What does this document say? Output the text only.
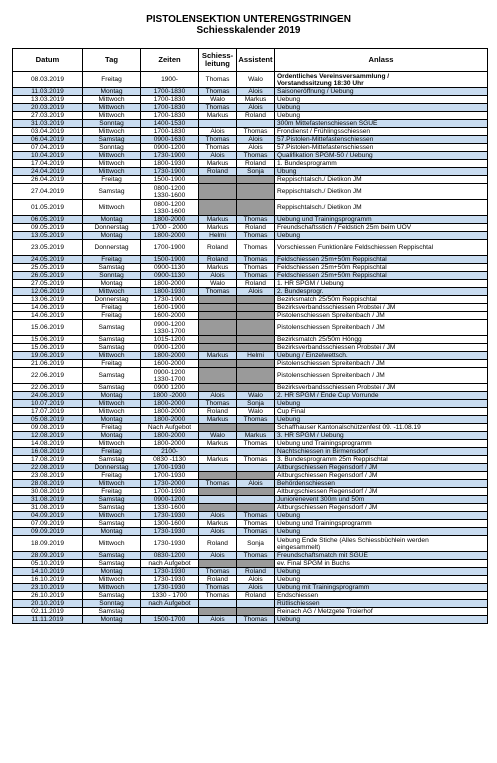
PISTOLENSEKTION UNTERENGSTRINGEN
Schiesskalender 2019
Datum	Tag	Zeiten	Schiess-
leitung	Assistent	Anlass
08.03.2019	Freitag	1900-	Thomas	Walo	Ordentliches Vereinsversammlung /
Vorstandssitzung 18:30 Uhr
11.03.2019	Montag	1700-1830	Thomas	Alois	Saisoneröffnung / Uebung
13.03.2019	Mittwoch	1700-1830	Walo	Markus	Uebung
20.03.2019	Mittwoch	1700-1830	Thomas	Alois	Uebung
27.03.2019	Mittwoch	1700-1830	Markus	Roland	Uebung
31.03.2019	Sonntag	1400-1530			300m Mittefastenschiessen SGUE
03.04.2019	Mittwoch	1700-1830	Alois	Thomas	Frondienst / Frühlingsschiessen
06.04.2019	Samstag	0900-1630	Thomas	Alois	57.Pistolen-Mittefastenschiessen
07.04.2019	Sonntag	0900-1200	Thomas	Alois	57.Pistolen-Mittefastenschiessen
10.04.2019	Mittwoch	1730-1900	Alois	Thomas	Qualifikation SPGM-50 / Uebung
17.04.2019	Mittwoch	1800-1930	Markus	Roland	1. Bundesprogramm
24.04.2019	Mittwoch	1730-1900	Roland	Sonja	Übung
26.04.2019	Freitag	1500-1900			Reppischtalsch./ Dietikon JM
27.04.2019	Samstag	0800-1200
1330-1600			Reppischtalsch./ Dietikon JM
01.05.2019	Mittwoch	0800-1200
1330-1600			Reppischtalsch./ Dietikon JM
06.05.2019	Montag	1800-2000	Markus	Thomas	Uebung und Trainingsprogramm
09.05.2019	Donnerstag	1700 - 2000	Markus	Roland	Freundschaftsstich / Feldstich 25m beim UOV
13.05.2019	Montag	1800-2000	Helmi	Thomas	Uebung
23.05.2019	Donnerstag	1700-1900	Roland	Thomas	Vorschiessen Funktionäre Feldschiessen Reppischtal
24.05.2019	Freitag	1500-1900	Roland	Thomas	Feldschiessen 25m+50m Reppischtal
25.05.2019	Samstag	0900-1130	Markus	Thomas	Feldschiessen 25m+50m Reppischtal
26.05.2019	Sonntag	0900-1130	Alois	Thomas	Feldschiessen 25m+50m Reppischtal
27.05.2019	Montag	1800-2000	Walo	Roland	1. HR SPGM / Uebung
12.06.2019	Mittwoch	1800-1930	Thomas	Alois	2. Bundesprogr.
13.06.2019	Donnerstag	1730-1900			Bezirksmatch 25/50m Reppischtal
14.06.2019	Freitag	1600-1900			Bezirksverbandsschiessen Probstei / JM
14.06.2019	Freitag	1600-2000			Pistolenschiessen Spreitenbach / JM
15.06.2019	Samstag	0900-1200
1330-1700			Pistolenschiessen Spreitenbach / JM
15.06.2019	Samstag	1015-1200			Bezirksmatch 25/50m Höngg
15.06.2019	Samstag	0900-1200			Bezirksverbandsschiessen Probstei / JM
19.06.2019	Mittwoch	1800-2000	Markus	Helmi	Uebung / Einzelwettsch.
21.06.2019	Freitag	1600-2000			Pistolenschiessen Spreitenbach / JM
22.06.2019	Samstag	0900-1200
1330-1700			Pistolenschiessen Spreitenbach / JM
22.06.2019	Samstag	0900 1200			Bezirksverbandsschiessen Probstei / JM
24.06.2019	Montag	1800 -2000	Alois	Walo	2. HR SPGM / Ende Cup Vorrunde
10.07.2019	Mittwoch	1800-2000	Thomas	Sonja	Uebung
17.07.2019	Mittwoch	1800-2000	Roland	Walo	Cup Final
05.08.2019	Montag	1800-2000	Markus	Thomas	Uebung
09.08.2019	Freitag	Nach Aufgebot			Schaffhauser Kantonalschützenfest 09. -11.08.19
12.08.2019	Montag	1800-2000	Walo	Markus	3. HR SPGM / Uebung
14.08.2019	Mittwoch	1800-2000	Markus	Thomas	Uebung und Trainingsprogramm
16.08.2019	Freitag	2100-			Nachtschiessen in Birmensdorf
17.08.2019	Samstag	0830 -1130	Markus	Thomas	3. Bundesprogramm 25m Reppischtal
22.08.2019	Donnerstag	1700-1930			Altburgschiessen Regensdorf / JM
23.08.2019	Freitag	1700-1930			Altburgschiessen Regensdorf / JM
28.08.2019	Mittwoch	1730-2000	Thomas	Alois	Behördenschiessen
30.08.2019	Freitag	1700-1930			Altburgschiessen Regensdorf / JM
31.08.2019	Samstag	0900-1200			Juniorenevent 300m und 50m
31.08.2019	Samstag	1330-1600			Altburgschiessen Regensdorf / JM
04.09.2019	Mittwoch	1730-1930	Alois	Thomas	Uebung
07.09.2019	Samstag	1300-1600	Markus	Thomas	Uebung und Trainingsprogramm
09.09.2019	Montag	1730-1930	Alois	Thomas	Uebung
18.09.2019	Mittwoch	1730-1930	Roland	Sonja	Uebung Ende Stiche (Alles Schiessbüchlein werden
eingesammelt)
28.09.2019	Samstag	0830-1200	Alois	Thomas	Freundschaftsmatch mit SGUE
05.10.2019	Samstag	nach Aufgebot			ev. Final SPGM in Buchs
14.10.2019	Montag	1730-1930	Thomas	Roland	Uebung
16.10.2019	Mittwoch	1730-1930	Roland	Alois	Uebung
23.10.2019	Mittwoch	1730-1930	Thomas	Alois	Uebung mit Trainingsprogramm
26.10.2019	Samstag	1330 - 1700	Thomas	Roland	Endschiessen
20.10.2019	Sonntag	nach Aufgebot			Rütlischiessen
02.11.2019	Samstag				Reinach AG / Metzgete Troierhof
11.11.2019	Montag	1500-1700	Alois	Thomas	Uebung
